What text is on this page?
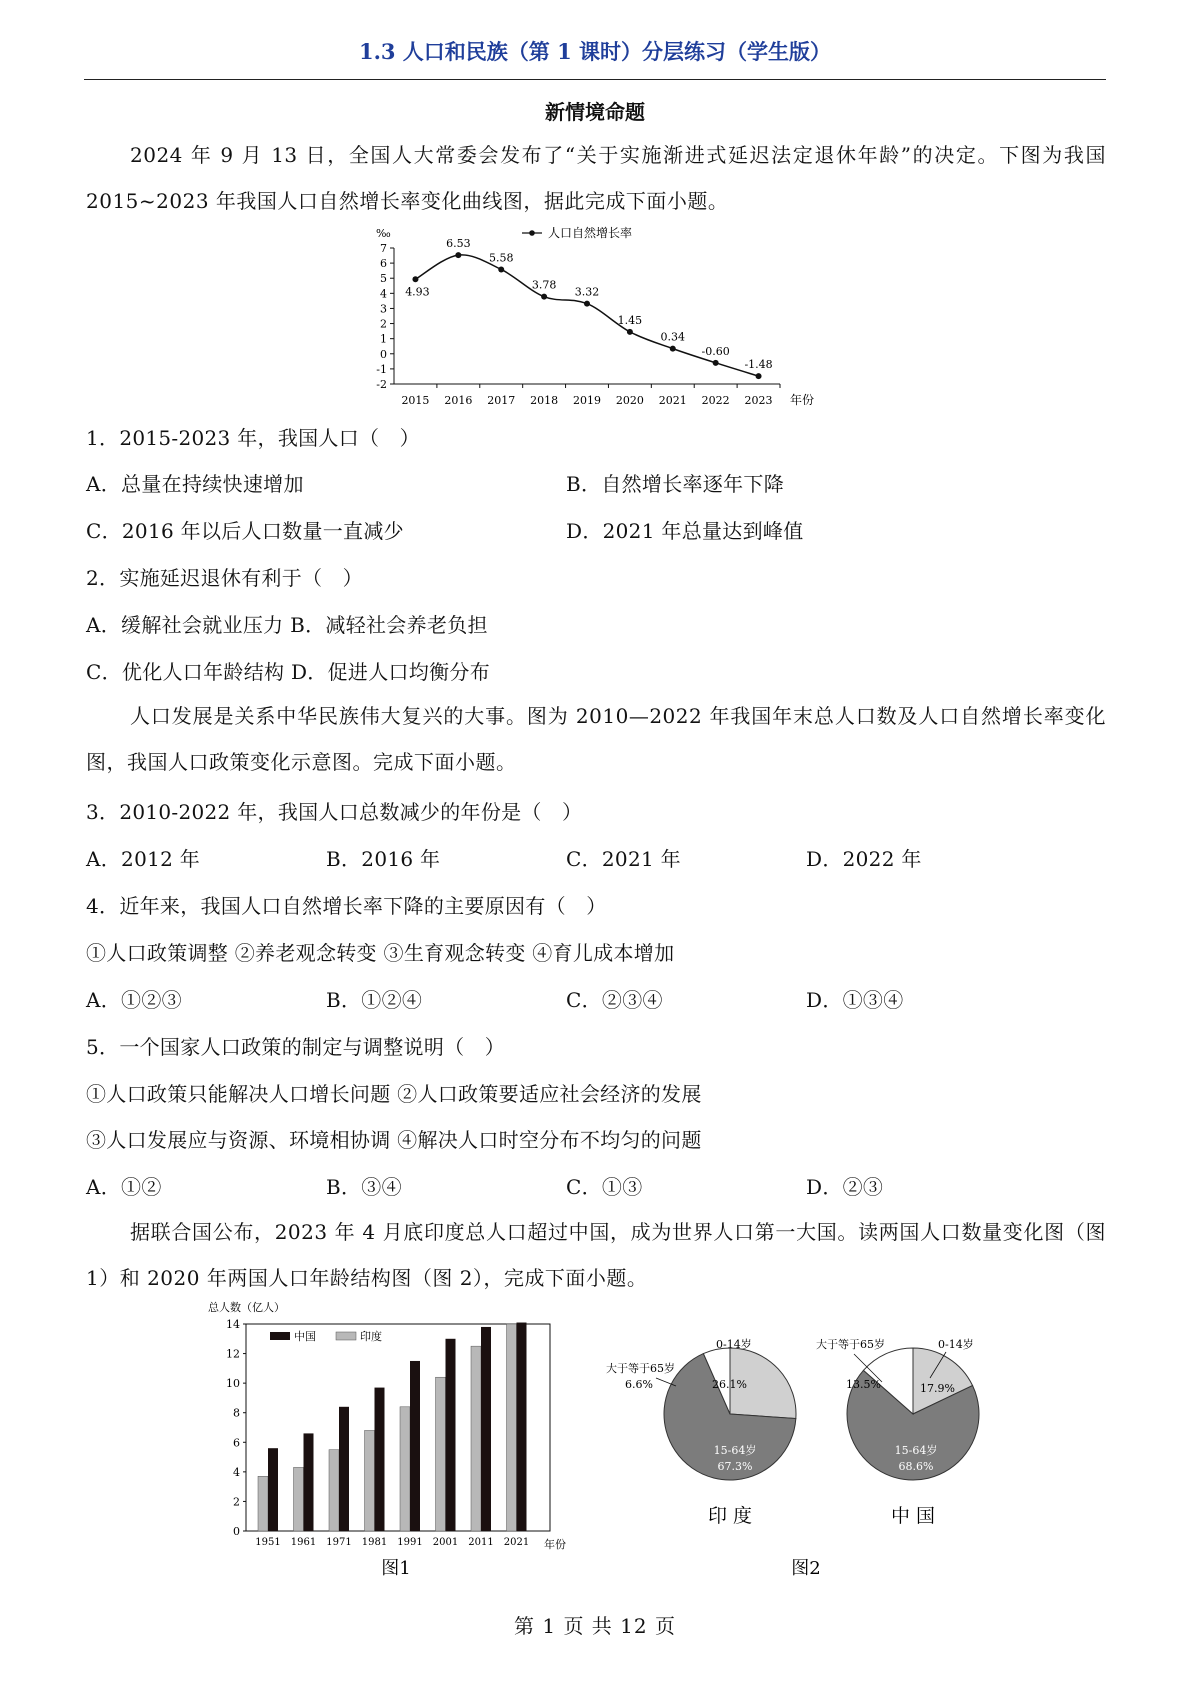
1.3 人口和民族（第 1 课时）分层练习（学生版）
新情境命题
2024 年 9 月 13 日，全国人大常委会发布了“关于实施渐进式延迟法定退休年龄”的决定。下图为我国 2015~2023 年我国人口自然增长率变化曲线图，据此完成下面小题。
‰	人口自然增长率
7
6
5
4
3
2
1
0
-1
-2
2015 2016 2017 2018 2019 2020 2021 2022 2023
4.93
6.53
5.58
3.78
3.32
1.45
0.34
-0.60
-1.48
年份
1．2015-2023 年，我国人口（　）
A．总量在持续快速增加	B．自然增长率逐年下降
C．2016 年以后人口数量一直减少	D．2021 年总量达到峰值
2．实施延迟退休有利于（　）
A．缓解社会就业压力 B．减轻社会养老负担
C．优化人口年龄结构 D．促进人口均衡分布
人口发展是关系中华民族伟大复兴的大事。图为 2010—2022 年我国年末总人口数及人口自然增长率变化图，我国人口政策变化示意图。完成下面小题。
3．2010-2022 年，我国人口总数减少的年份是（　）
A．2012 年	B．2016 年	C．2021 年	D．2022 年
4．近年来，我国人口自然增长率下降的主要原因有（　）
①人口政策调整 ②养老观念转变 ③生育观念转变 ④育儿成本增加
A．①②③	B．①②④	C．②③④	D．①③④
5．一个国家人口政策的制定与调整说明（　）
①人口政策只能解决人口增长问题 ②人口政策要适应社会经济的发展
③人口发展应与资源、环境相协调 ④解决人口时空分布不均匀的问题
A．①②	B．③④	C．①③	D．②③
据联合国公布，2023 年 4 月底印度总人口超过中国，成为世界人口第一大国。读两国人口数量变化图（图 1）和 2020 年两国人口年龄结构图（图 2），完成下面小题。
总人数（亿人）
14
12
10
8
6
4
2
0
中国	印度
1951 1961 1971 1981 1991 2001 2011 2021 年份
图1
大于等于65岁
6.6%
0-14岁
26.1%
15-64岁
67.3%
印 度
大于等于65岁
13.5%
0-14岁
17.9%
15-64岁
68.6%
中 国
图2
第 1 页 共 12 页
